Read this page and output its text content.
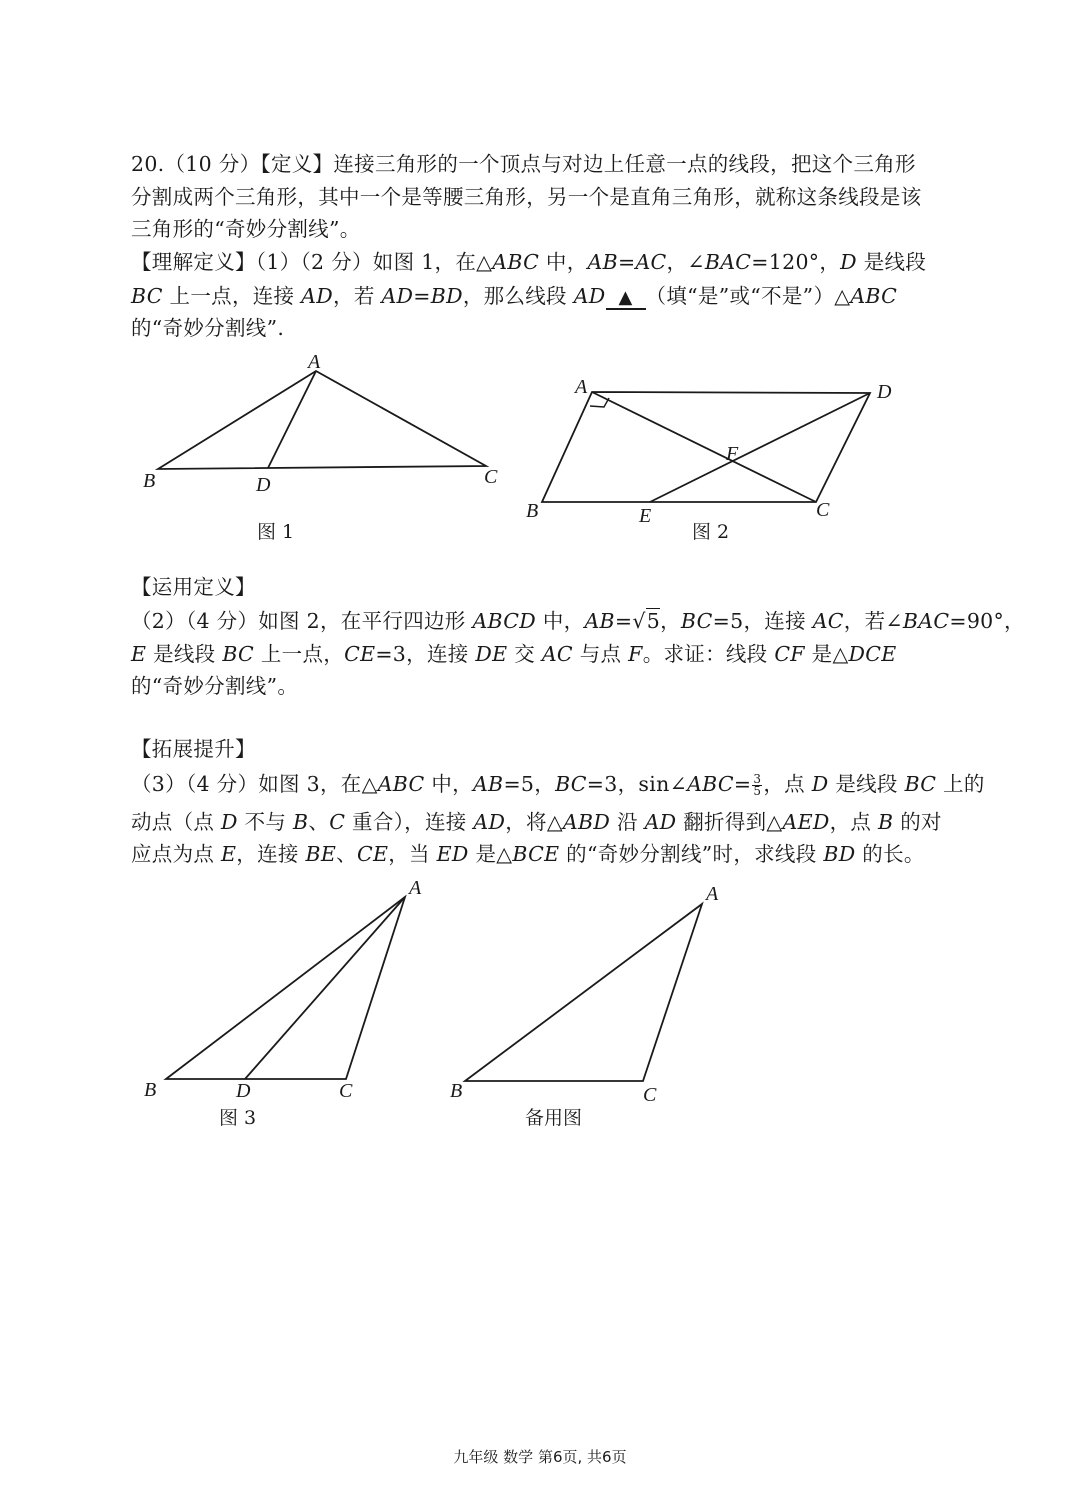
20.（10 分）【定义】连接三角形的一个顶点与对边上任意一点的线段，把这个三角形
分割成两个三角形，其中一个是等腰三角形，另一个是直角三角形，就称这条线段是该
三角形的“奇妙分割线”。
【理解定义】（1）（2 分）如图 1，在△ABC 中，AB=AC，∠BAC=120°，D 是线段
BC 上一点，连接 AD，若 AD=BD，那么线段 AD ▲ （填“是”或“不是”）△ABC
的“奇妙分割线”.
【运用定义】
（2）（4 分）如图 2，在平行四边形 ABCD 中，AB=√5，BC=5，连接 AC，若∠BAC=90°，
E 是线段 BC 上一点，CE=3，连接 DE 交 AC 与点 F。求证：线段 CF 是△DCE
的“奇妙分割线”。
【拓展提升】
（3）（4 分）如图 3，在△ABC 中，AB=5，BC=3，sin∠ABC= $\frac{3}{5}$ ，点 D 是线段 BC 上的
动点（点 D 不与 B、C 重合），连接 AD，将△ABD 沿 AD 翻折得到△AED，点 B 的对
应点为点 E，连接 BE、CE，当 ED 是△BCE 的“奇妙分割线”时，求线段 BD 的长。
A
B	C
D
图 1
A	D
F
B	E	C
图 2
A
B	D	C
图 3
A
B	C
备用图
九年级 数学 第6页, 共6页
